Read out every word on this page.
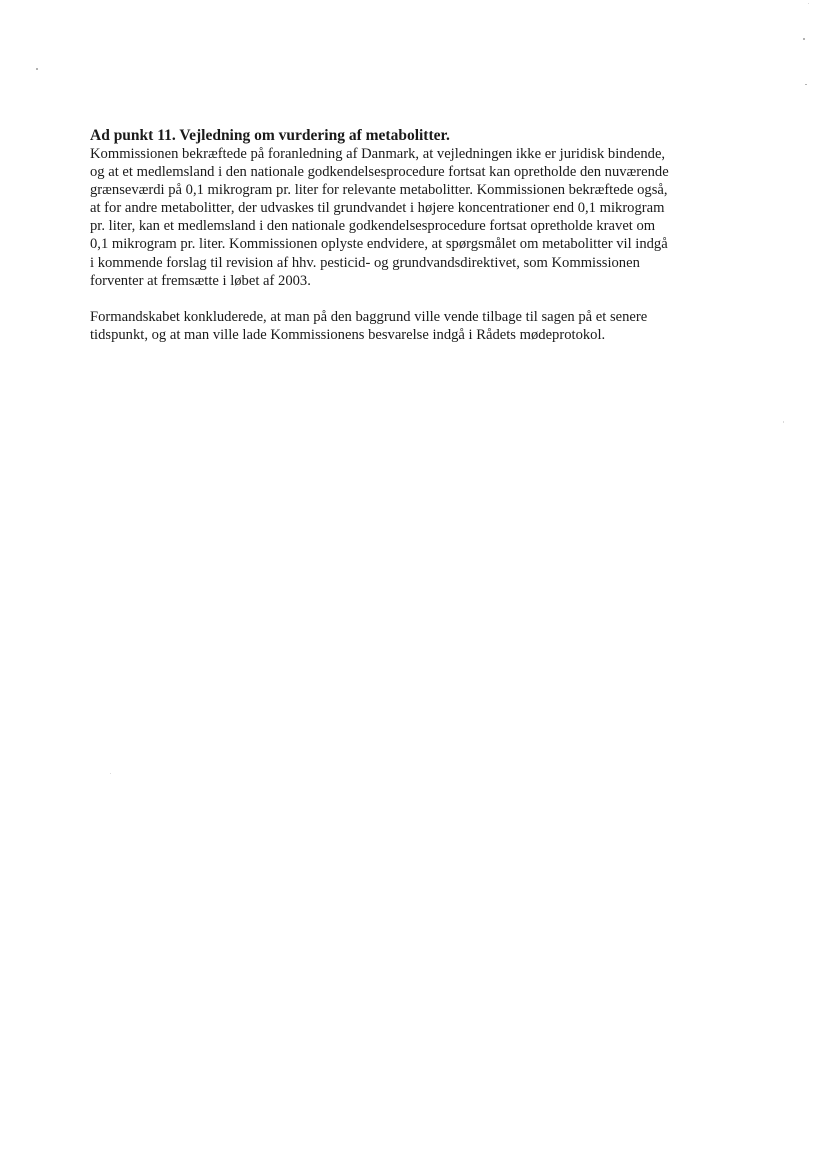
Ad punkt 11. Vejledning om vurdering af metabolitter.

Kommissionen bekræftede på foranledning af Danmark, at vejledningen ikke er juridisk bindende,
og at et medlemsland i den nationale godkendelsesprocedure fortsat kan opretholde den nuværende
grænseværdi på 0,1 mikrogram pr. liter for relevante metabolitter. Kommissionen bekræftede også,
at for andre metabolitter, der udvaskes til grundvandet i højere koncentrationer end 0,1 mikrogram
pr. liter, kan et medlemsland i den nationale godkendelsesprocedure fortsat opretholde kravet om
0,1 mikrogram pr. liter. Kommissionen oplyste endvidere, at spørgsmålet om metabolitter vil indgå
i kommende forslag til revision af hhv. pesticid- og grundvandsdirektivet, som Kommissionen
forventer at fremsætte i løbet af 2003.

Formandskabet konkluderede, at man på den baggrund ville vende tilbage til sagen på et senere
tidspunkt, og at man ville lade Kommissionens besvarelse indgå i Rådets mødeprotokol.
